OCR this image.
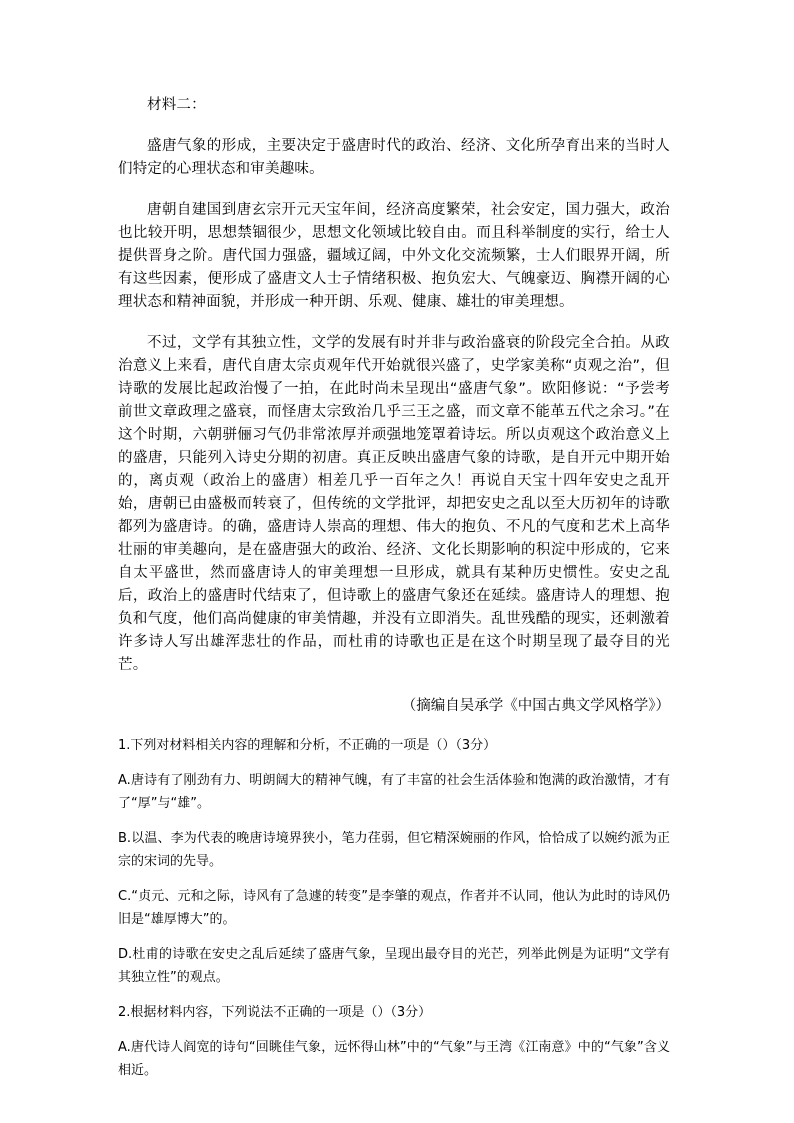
材料二：

盛唐气象的形成，主要决定于盛唐时代的政治、经济、文化所孕育出来的当时人们特定的心理状态和审美趣味。

唐朝自建国到唐玄宗开元天宝年间，经济高度繁荣，社会安定，国力强大，政治也比较开明，思想禁锢很少，思想文化领域比较自由。而且科举制度的实行，给士人提供晋身之阶。唐代国力强盛，疆域辽阔，中外文化交流频繁，士人们眼界开阔，所有这些因素，便形成了盛唐文人士子情绪积极、抱负宏大、气魄豪迈、胸襟开阔的心理状态和精神面貌，并形成一种开朗、乐观、健康、雄壮的审美理想。

不过，文学有其独立性，文学的发展有时并非与政治盛衰的阶段完全合拍。从政治意义上来看，唐代自唐太宗贞观年代开始就很兴盛了，史学家美称“贞观之治”，但诗歌的发展比起政治慢了一拍，在此时尚未呈现出“盛唐气象”。欧阳修说：“予尝考前世文章政理之盛衰，而怪唐太宗致治几乎三王之盛，而文章不能革五代之余习。”在这个时期，六朝骈俪习气仍非常浓厚并顽强地笼罩着诗坛。所以贞观这个政治意义上的盛唐，只能列入诗史分期的初唐。真正反映出盛唐气象的诗歌，是自开元中期开始的，离贞观（政治上的盛唐）相差几乎一百年之久！再说自天宝十四年安史之乱开始，唐朝已由盛极而转衰了，但传统的文学批评，却把安史之乱以至大历初年的诗歌都列为盛唐诗。的确，盛唐诗人崇高的理想、伟大的抱负、不凡的气度和艺术上高华壮丽的审美趣向，是在盛唐强大的政治、经济、文化长期影响的积淀中形成的，它来自太平盛世，然而盛唐诗人的审美理想一旦形成，就具有某种历史惯性。安史之乱后，政治上的盛唐时代结束了，但诗歌上的盛唐气象还在延续。盛唐诗人的理想、抱负和气度，他们高尚健康的审美情趣，并没有立即消失。乱世残酷的现实，还刺激着许多诗人写出雄浑悲壮的作品，而杜甫的诗歌也正是在这个时期呈现了最夺目的光芒。

（摘编自吴承学《中国古典文学风格学》）

1.下列对材料相关内容的理解和分析，不正确的一项是（）（3分）

A.唐诗有了刚劲有力、明朗阔大的精神气魄，有了丰富的社会生活体验和饱满的政治激情，才有了“厚”与“雄”。

B.以温、李为代表的晚唐诗境界狭小，笔力荏弱，但它精深婉丽的作风，恰恰成了以婉约派为正宗的宋词的先导。

C.“贞元、元和之际，诗风有了急遽的转变”是李肇的观点，作者并不认同，他认为此时的诗风仍旧是“雄厚博大”的。

D.杜甫的诗歌在安史之乱后延续了盛唐气象，呈现出最夺目的光芒，列举此例是为证明“文学有其独立性”的观点。

2.根据材料内容，下列说法不正确的一项是（）（3分）

A.唐代诗人阎宽的诗句“回眺佳气象，远怀得山林”中的“气象”与王湾《江南意》中的“气象”含义相近。
